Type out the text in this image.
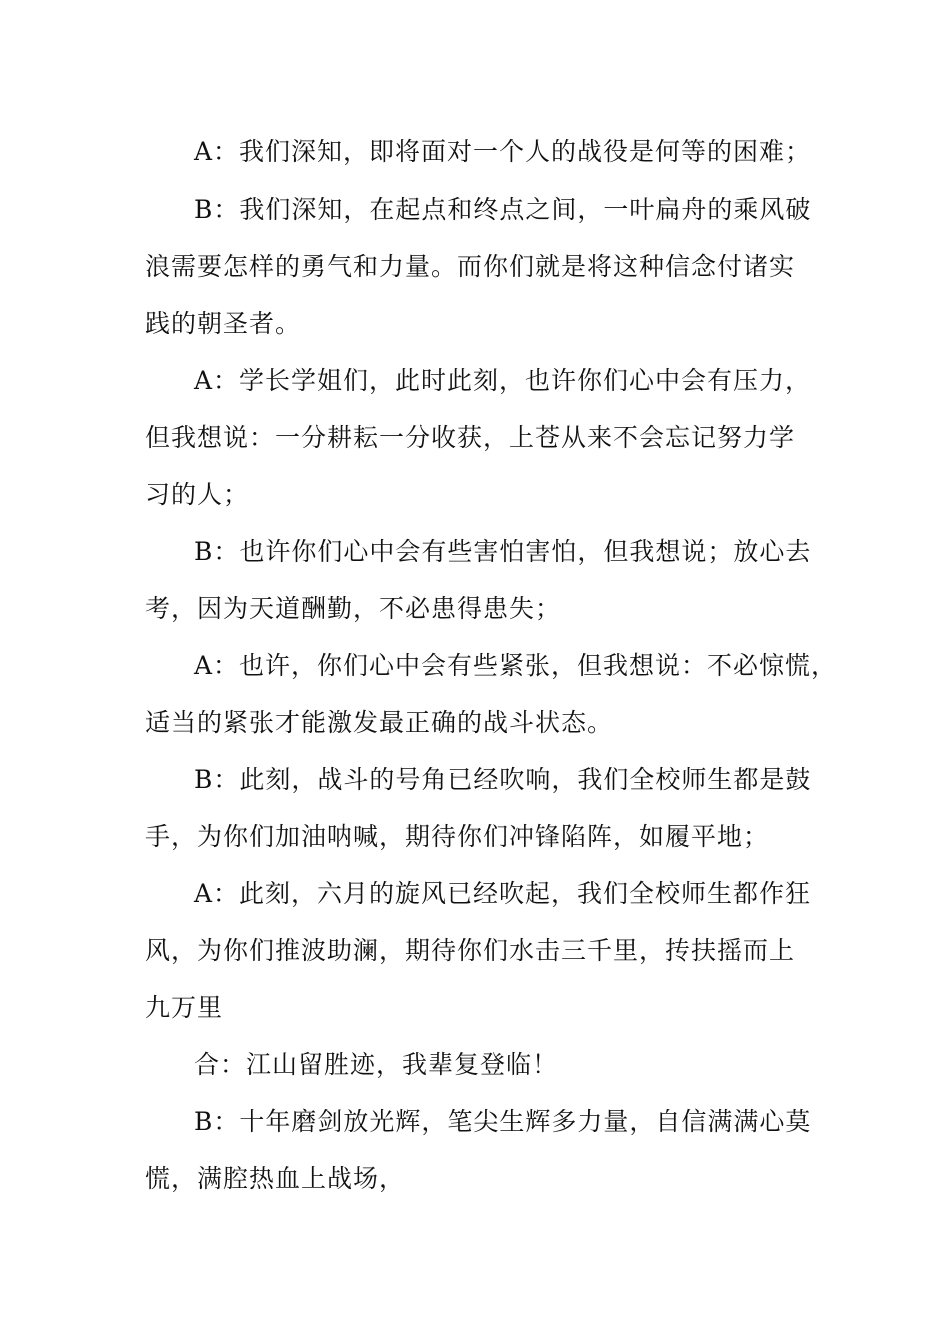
A：我们深知，即将面对一个人的战役是何等的困难；
B：我们深知，在起点和终点之间，一叶扁舟的乘风破
浪需要怎样的勇气和力量。而你们就是将这种信念付诸实
践的朝圣者。
A：学长学姐们，此时此刻，也许你们心中会有压力，
但我想说：一分耕耘一分收获，上苍从来不会忘记努力学
习的人；
B：也许你们心中会有些害怕害怕，但我想说；放心去
考，因为天道酬勤，不必患得患失；
A：也许，你们心中会有些紧张，但我想说：不必惊慌，
适当的紧张才能激发最正确的战斗状态。
B：此刻，战斗的号角已经吹响，我们全校师生都是鼓
手，为你们加油呐喊，期待你们冲锋陷阵，如履平地；
A：此刻，六月的旋风已经吹起，我们全校师生都作狂
风，为你们推波助澜，期待你们水击三千里，抟扶摇而上
九万里
合：江山留胜迹，我辈复登临！
B：十年磨剑放光辉，笔尖生辉多力量，自信满满心莫
慌，满腔热血上战场，
